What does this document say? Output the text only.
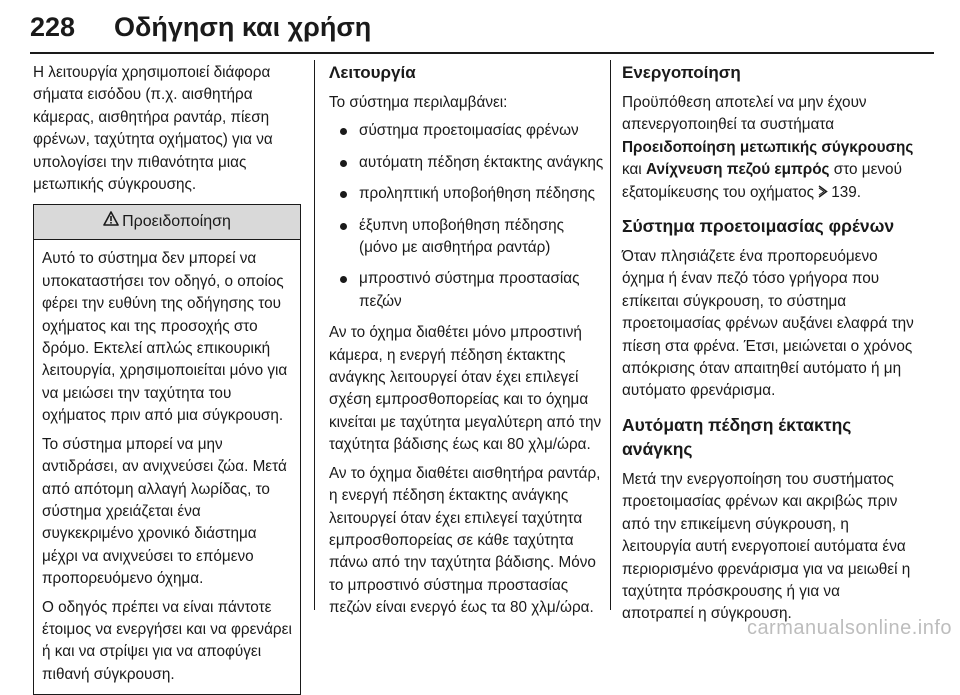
228 Οδήγηση και χρήση

Η λειτουργία χρησιμοποιεί διάφορα σήματα εισόδου (π.χ. αισθητήρα κάμερας, αισθητήρα ραντάρ, πίεση φρένων, ταχύτητα οχήματος) για να υπολογίσει την πιθανότητα μιας μετωπικής σύγκρουσης.

Προειδοποίηση

Αυτό το σύστημα δεν μπορεί να υποκαταστήσει τον οδηγό, ο οποίος φέρει την ευθύνη της οδήγησης του οχήματος και της προσοχής στο δρόμο. Εκτελεί απλώς επικουρική λειτουργία, χρησιμοποιείται μόνο για να μειώσει την ταχύτητα του οχήματος πριν από μια σύγκρουση.

Το σύστημα μπορεί να μην αντιδράσει, αν ανιχνεύσει ζώα. Μετά από απότομη αλλαγή λωρίδας, το σύστημα χρειάζεται ένα συγκεκριμένο χρονικό διάστημα μέχρι να ανιχνεύσει το επόμενο προπορευόμενο όχημα.

Ο οδηγός πρέπει να είναι πάντοτε έτοιμος να ενεργήσει και να φρενάρει ή και να στρίψει για να αποφύγει πιθανή σύγκρουση.

Λειτουργία

Το σύστημα περιλαμβάνει:

σύστημα προετοιμασίας φρένων
αυτόματη πέδηση έκτακτης ανάγκης
προληπτική υποβοήθηση πέδησης
έξυπνη υποβοήθηση πέδησης (μόνο με αισθητήρα ραντάρ)
μπροστινό σύστημα προστασίας πεζών

Αν το όχημα διαθέτει μόνο μπροστινή κάμερα, η ενεργή πέδηση έκτακτης ανάγκης λειτουργεί όταν έχει επιλεγεί σχέση εμπροσθοπορείας και το όχημα κινείται με ταχύτητα μεγαλύτερη από την ταχύτητα βάδισης έως και 80 χλμ/ώρα.

Αν το όχημα διαθέτει αισθητήρα ραντάρ, η ενεργή πέδηση έκτακτης ανάγκης λειτουργεί όταν έχει επιλεγεί ταχύτητα εμπροσθοπορείας σε κάθε ταχύτητα πάνω από την ταχύτητα βάδισης. Μόνο το μπροστινό σύστημα προστασίας πεζών είναι ενεργό έως τα 80 χλμ/ώρα.

Ενεργοποίηση

Προϋπόθεση αποτελεί να μην έχουν απενεργοποιηθεί τα συστήματα Προειδοποίηση μετωπικής σύγκρουσης και Ανίχνευση πεζού εμπρός στο μενού εξατομίκευσης του οχήματος 139.

Σύστημα προετοιμασίας φρένων

Όταν πλησιάζετε ένα προπορευόμενο όχημα ή έναν πεζό τόσο γρήγορα που επίκειται σύγκρουση, το σύστημα προετοιμασίας φρένων αυξάνει ελαφρά την πίεση στα φρένα. Έτσι, μειώνεται ο χρόνος απόκρισης όταν απαιτηθεί αυτόματο ή μη αυτόματο φρενάρισμα.

Αυτόματη πέδηση έκτακτης ανάγκης

Μετά την ενεργοποίηση του συστήματος προετοιμασίας φρένων και ακριβώς πριν από την επικείμενη σύγκρουση, η λειτουργία αυτή ενεργοποιεί αυτόματα ένα περιορισμένο φρενάρισμα για να μειωθεί η ταχύτητα πρόσκρουσης ή για να αποτραπεί η σύγκρουση.

carmanualsonline.info
